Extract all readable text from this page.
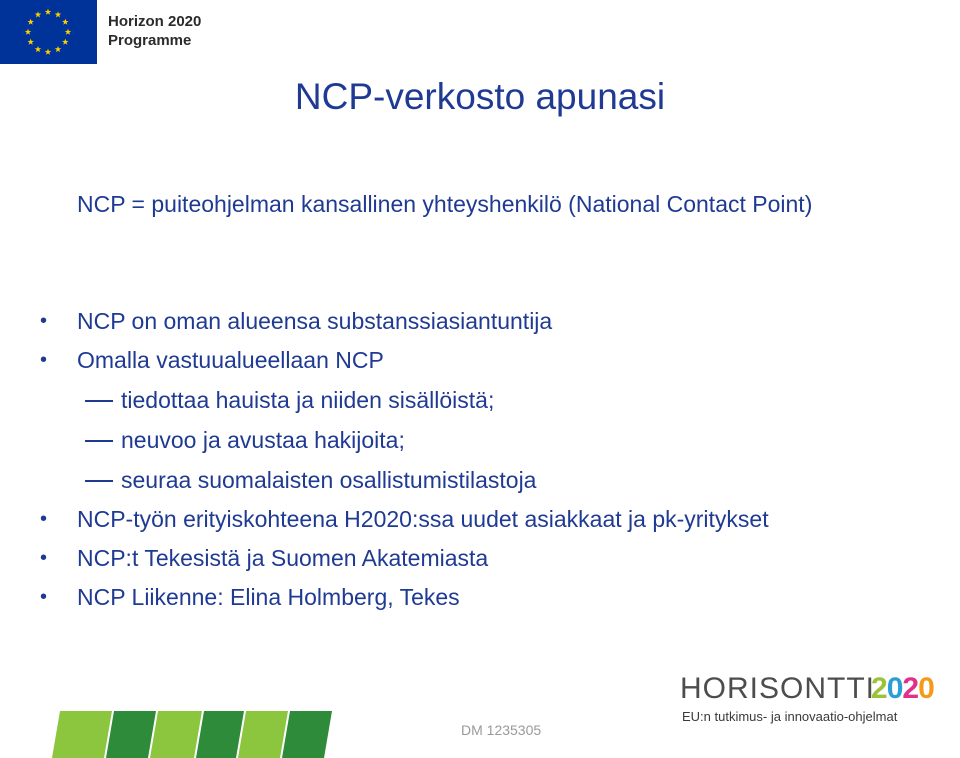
Horizon 2020
Programme
NCP-verkosto apunasi
NCP = puiteohjelman kansallinen yhteyshenkilö (National Contact Point)
• NCP on oman alueensa substanssiasiantuntija
• Omalla vastuualueellaan NCP
tiedottaa hauista ja niiden sisällöistä;
neuvoo ja avustaa hakijoita;
seuraa suomalaisten osallistumistilastoja
• NCP-työn erityiskohteena H2020:ssa uudet asiakkaat ja pk-yritykset
• NCP:t Tekesistä ja Suomen Akatemiasta
• NCP Liikenne: Elina Holmberg, Tekes
HORISONTTI
2020
EU:n tutkimus- ja innovaatio-ohjelmat
DM 1235305
